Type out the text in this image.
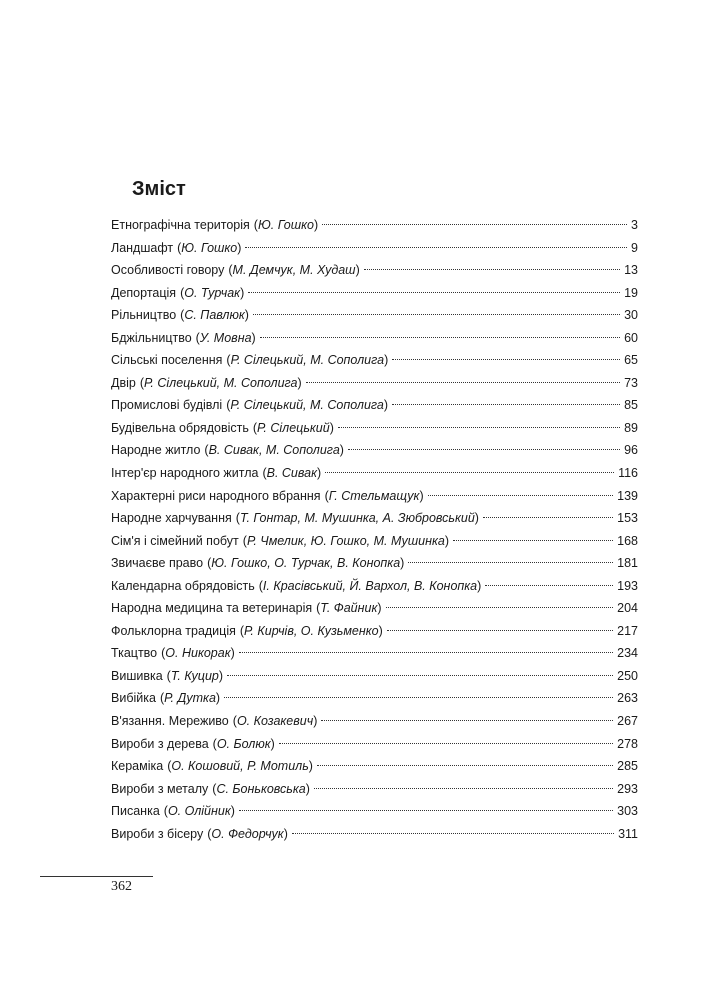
Зміст
Етнографічна територія ( Ю. Гошко )	3
Ландшафт ( Ю. Гошко )	9
Особливості говору ( М. Демчук, М. Худаш )	13
Депортація ( О. Турчак )	19
Рільництво ( С. Павлюк )	30
Бджільництво ( У. Мовна )	60
Сільські поселення ( Р. Сілецький, М. Сополига )	65
Двір ( Р. Сілецький, М. Сополига )	73
Промислові будівлі ( Р. Сілецький, М. Сополига )	85
Будівельна обрядовість ( Р. Сілецький )	89
Народне житло ( В. Сивак, М. Сополига )	96
Інтер'єр народного житла ( В. Сивак )	116
Характерні риси народного вбрання ( Г. Стельмащук )	139
Народне харчування ( Т. Гонтар, М. Мушинка, А. Зюбровський )	153
Сім'я і сімейний побут ( Р. Чмелик, Ю. Гошко, М. Мушинка )	168
Звичаєве право ( Ю. Гошко, О. Турчак, В. Конопка )	181
Календарна обрядовість ( І. Красівський, Й. Вархол, В. Конопка )	193
Народна медицина та ветеринарія ( Т. Файник )	204
Фольклорна традиція ( Р. Кирчів, О. Кузьменко )	217
Ткацтво ( О. Никорак )	234
Вишивка ( Т. Куцир )	250
Вибійка ( Р. Дутка )	263
В'язання. Мереживо ( О. Козакевич )	267
Вироби з дерева ( О. Болюк )	278
Кераміка ( О. Кошовий, Р. Мотиль )	285
Вироби з металу ( С. Боньковська )	293
Писанка ( О. Олійник )	303
Вироби з бісеру ( О. Федорчук )	311
362
